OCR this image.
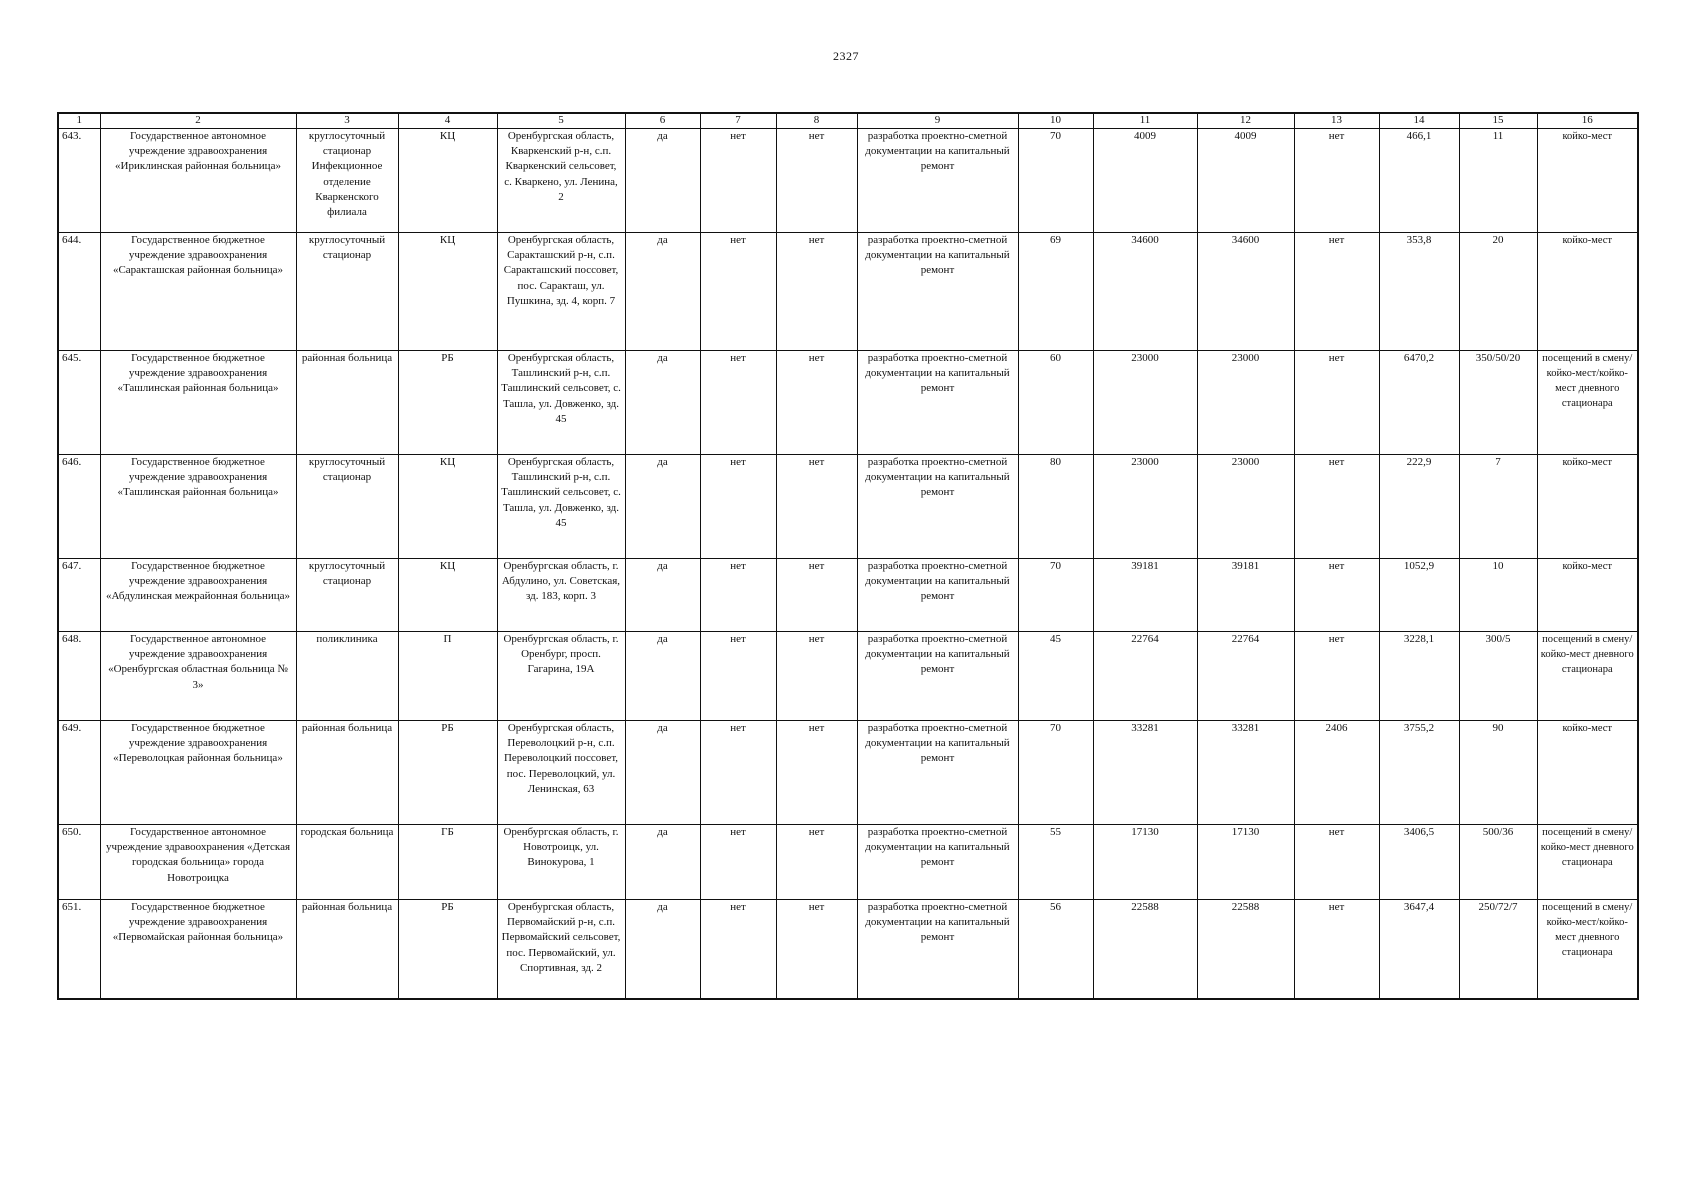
2327
1	2	3	4	5	6	7	8	9	10	11	12	13	14	15	16
643.	Государственное автономное учреждение здравоохранения «Ириклинская районная больница»	круглосуточный стационар Инфекционное отделение Кваркенского филиала	КЦ	Оренбургская область, Кваркенский р-н, с.п. Кваркенский сельсовет, с. Кваркено, ул. Ленина, 2	да	нет	нет	разработка проектно-сметной документации на капитальный ремонт	70	4009	4009	нет	466,1	11	койко-мест
644.	Государственное бюджетное учреждение здравоохранения «Саракташская районная больница»	круглосуточный стационар	КЦ	Оренбургская область, Саракташский р-н, с.п. Саракташский поссовет, пос. Саракташ, ул. Пушкина, зд. 4, корп. 7	да	нет	нет	разработка проектно-сметной документации на капитальный ремонт	69	34600	34600	нет	353,8	20	койко-мест
645.	Государственное бюджетное учреждение здравоохранения «Ташлинская районная больница»	районная больница	РБ	Оренбургская область, Ташлинский р-н, с.п. Ташлинский сельсовет, с. Ташла, ул. Довженко, зд. 45	да	нет	нет	разработка проектно-сметной документации на капитальный ремонт	60	23000	23000	нет	6470,2	350/50/20	посещений в смену/койко-мест/койко-мест дневного стационара
646.	Государственное бюджетное учреждение здравоохранения «Ташлинская районная больница»	круглосуточный стационар	КЦ	Оренбургская область, Ташлинский р-н, с.п. Ташлинский сельсовет, с. Ташла, ул. Довженко, зд. 45	да	нет	нет	разработка проектно-сметной документации на капитальный ремонт	80	23000	23000	нет	222,9	7	койко-мест
647.	Государственное бюджетное учреждение здравоохранения «Абдулинская межрайонная больница»	круглосуточный стационар	КЦ	Оренбургская область, г. Абдулино, ул. Советская, зд. 183, корп. 3	да	нет	нет	разработка проектно-сметной документации на капитальный ремонт	70	39181	39181	нет	1052,9	10	койко-мест
648.	Государственное автономное учреждение здравоохранения «Оренбургская областная больница № 3»	поликлиника	П	Оренбургская область, г. Оренбург, просп. Гагарина, 19А	да	нет	нет	разработка проектно-сметной документации на капитальный ремонт	45	22764	22764	нет	3228,1	300/5	посещений в смену/койко-мест дневного стационара
649.	Государственное бюджетное учреждение здравоохранения «Переволоцкая районная больница»	районная больница	РБ	Оренбургская область, Переволоцкий р-н, с.п. Переволоцкий поссовет, пос. Переволоцкий, ул. Ленинская, 63	да	нет	нет	разработка проектно-сметной документации на капитальный ремонт	70	33281	33281	2406	3755,2	90	койко-мест
650.	Государственное автономное учреждение здравоохранения «Детская городская больница» города Новотроицка	городская больница	ГБ	Оренбургская область, г. Новотроицк, ул. Винокурова, 1	да	нет	нет	разработка проектно-сметной документации на капитальный ремонт	55	17130	17130	нет	3406,5	500/36	посещений в смену/койко-мест дневного стационара
651.	Государственное бюджетное учреждение здравоохранения «Первомайская районная больница»	районная больница	РБ	Оренбургская область, Первомайский р-н, с.п. Первомайский сельсовет, пос. Первомайский, ул. Спортивная, зд. 2	да	нет	нет	разработка проектно-сметной документации на капитальный ремонт	56	22588	22588	нет	3647,4	250/72/7	посещений в смену/койко-мест/койко-мест дневного стационара
